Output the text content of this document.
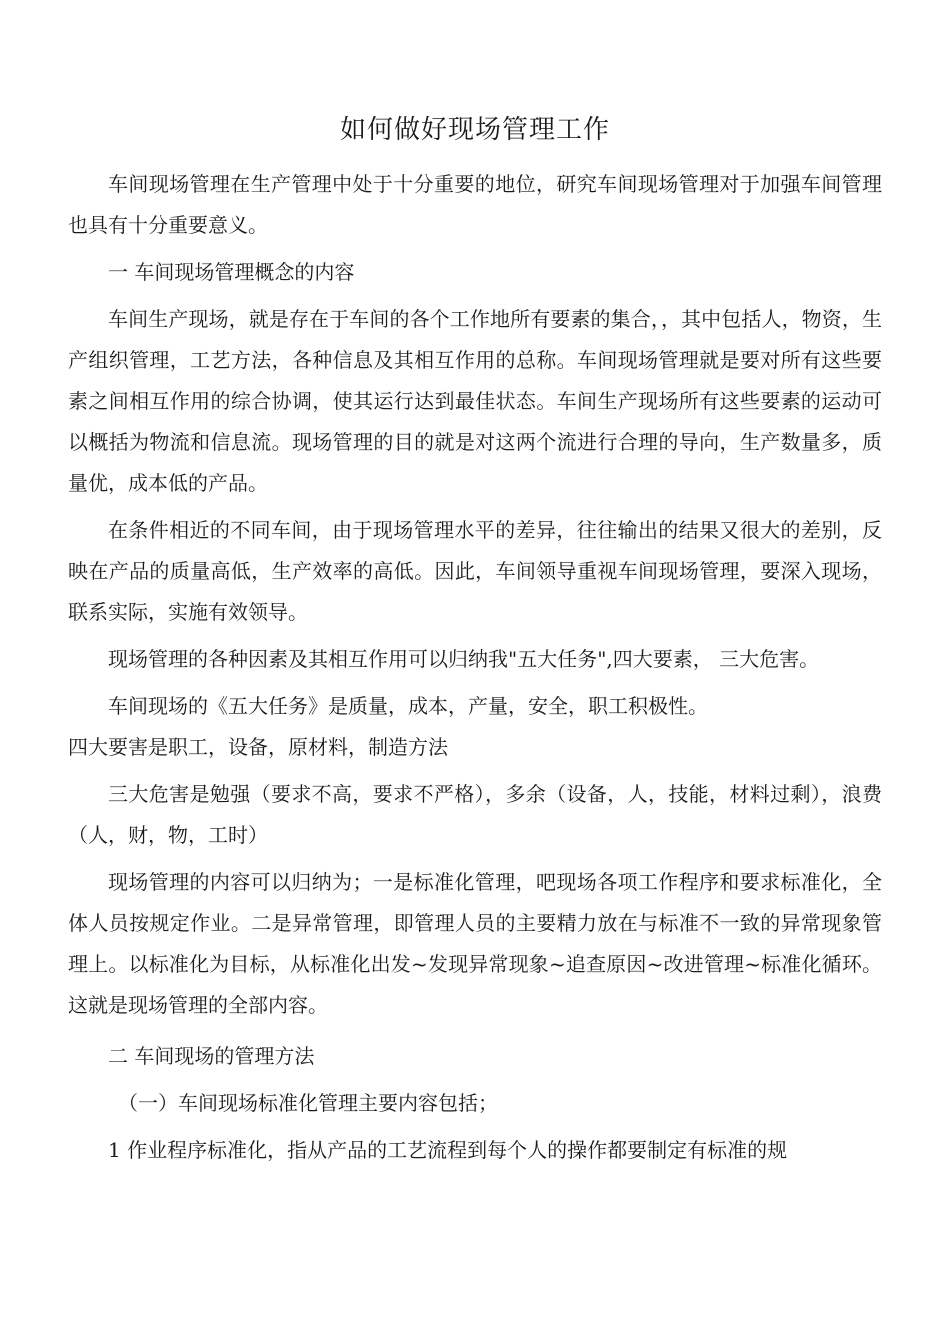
如何做好现场管理工作

车间现场管理在生产管理中处于十分重要的地位，研究车间现场管理对于加强车间管理也具有十分重要意义。

一 车间现场管理概念的内容

车间生产现场，就是存在于车间的各个工作地所有要素的集合，，其中包括人，物资，生产组织管理，工艺方法，各种信息及其相互作用的总称。车间现场管理就是要对所有这些要素之间相互作用的综合协调，使其运行达到最佳状态。车间生产现场所有这些要素的运动可以概括为物流和信息流。现场管理的目的就是对这两个流进行合理的导向，生产数量多，质量优，成本低的产品。

在条件相近的不同车间，由于现场管理水平的差异，往往输出的结果又很大的差别，反映在产品的质量高低，生产效率的高低。因此，车间领导重视车间现场管理，要深入现场，联系实际，实施有效领导。

现场管理的各种因素及其相互作用可以归纳我"五大任务",四大要素， 三大危害。

车间现场的《五大任务》是质量，成本，产量，安全，职工积极性。

四大要害是职工，设备，原材料，制造方法

三大危害是勉强（要求不高，要求不严格），多余（设备，人，技能，材料过剩），浪费（人，财，物，工时）

现场管理的内容可以归纳为；一是标准化管理，吧现场各项工作程序和要求标准化，全体人员按规定作业。二是异常管理，即管理人员的主要精力放在与标准不一致的异常现象管理上。以标准化为目标，从标准化出发~发现异常现象~追查原因~改进管理~标准化循环。这就是现场管理的全部内容。

二 车间现场的管理方法

（一）车间现场标准化管理主要内容包括；

1 作业程序标准化，指从产品的工艺流程到每个人的操作都要制定有标准的规
